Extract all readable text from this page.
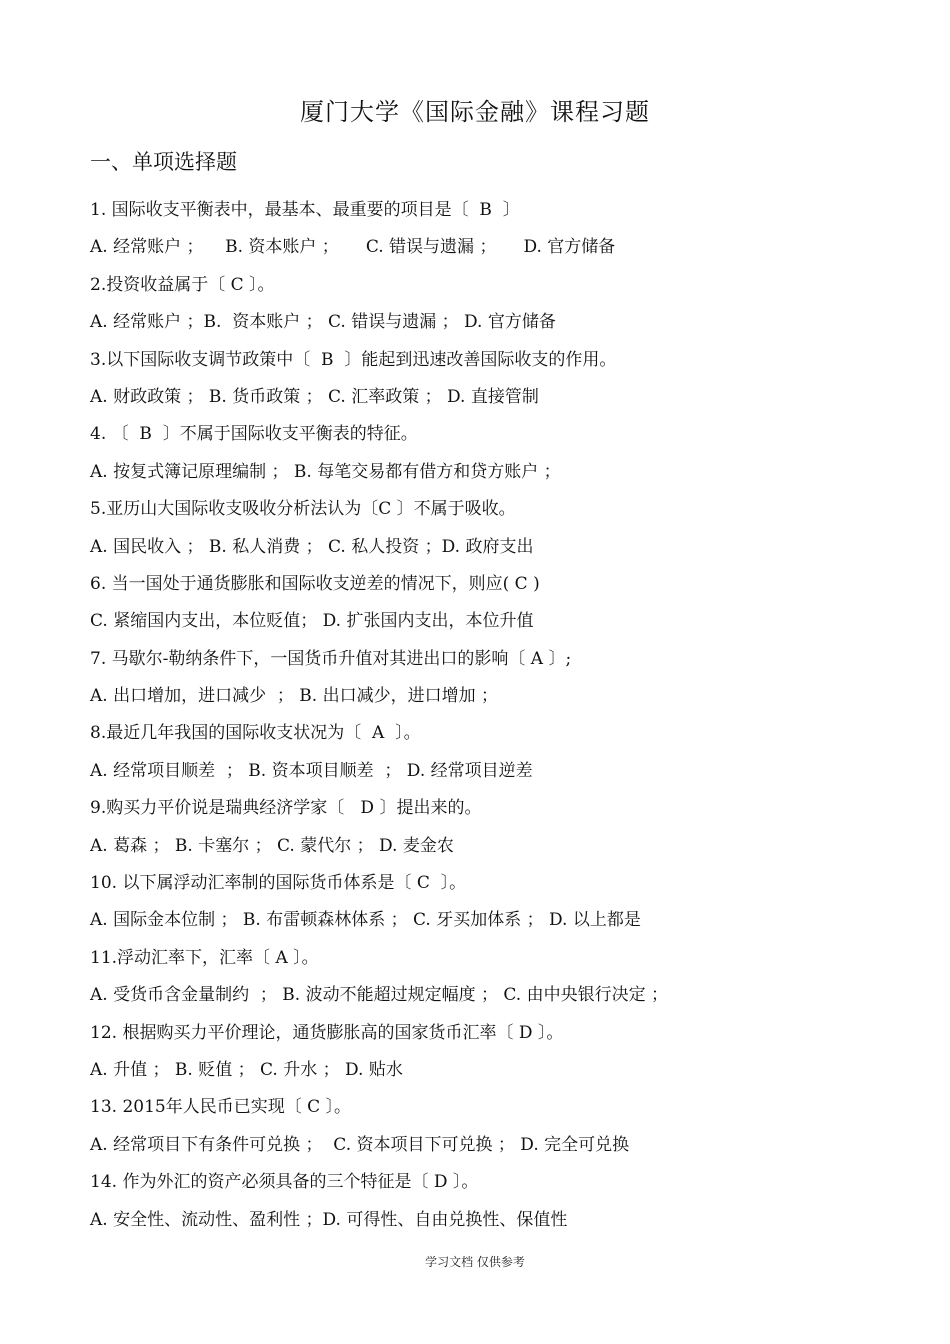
厦门大学《国际金融》课程习题
一、单项选择题
1. 国际收支平衡表中，最基本、最重要的项目是〔  B  〕
A. 经常账户 ；    B. 资本账户 ；     C. 错误与遗漏 ；     D. 官方储备
2.投资收益属于〔 C 〕。
A. 经常账户 ；B.  资本账户 ； C. 错误与遗漏 ； D. 官方储备
3.以下国际收支调节政策中〔  B  〕能起到迅速改善国际收支的作用。
A. 财政政策 ； B. 货币政策 ； C. 汇率政策 ； D. 直接管制
4. 〔  B  〕不属于国际收支平衡表的特征。
A. 按复式簿记原理编制 ； B. 每笔交易都有借方和贷方账户 ；
5.亚历山大国际收支吸收分析法认为〔C 〕不属于吸收。
A. 国民收入 ； B. 私人消费 ； C. 私人投资 ；D. 政府支出
6. 当一国处于通货膨胀和国际收支逆差的情况下，则应( C )
C. 紧缩国内支出，本位贬值； D. 扩张国内支出，本位升值
7. 马歇尔-勒纳条件下，一国货币升值对其进出口的影响〔 A 〕;
A. 出口增加，进口减少  ； B. 出口减少，进口增加 ；
8.最近几年我国的国际收支状况为〔  A  〕。
A. 经常项目顺差  ； B. 资本项目顺差  ； D. 经常项目逆差
9.购买力平价说是瑞典经济学家〔   D 〕提出来的。
A. 葛森 ； B. 卡塞尔 ； C. 蒙代尔 ； D. 麦金农
10. 以下属浮动汇率制的国际货币体系是〔 C  〕。
A. 国际金本位制 ； B. 布雷顿森林体系 ； C. 牙买加体系 ； D. 以上都是
11.浮动汇率下，汇率〔 A 〕。
A. 受货币含金量制约  ； B. 波动不能超过规定幅度 ； C. 由中央银行决定 ；
12. 根据购买力平价理论，通货膨胀高的国家货币汇率〔 D 〕。
A. 升值 ； B. 贬值 ； C. 升水 ； D. 贴水
13. 2015年人民币已实现〔 C 〕。
A. 经常项目下有条件可兑换 ；  C. 资本项目下可兑换 ； D. 完全可兑换
14. 作为外汇的资产必须具备的三个特征是〔 D 〕。
A. 安全性、流动性、盈利性 ；D. 可得性、自由兑换性、保值性
学习文档 仅供参考
